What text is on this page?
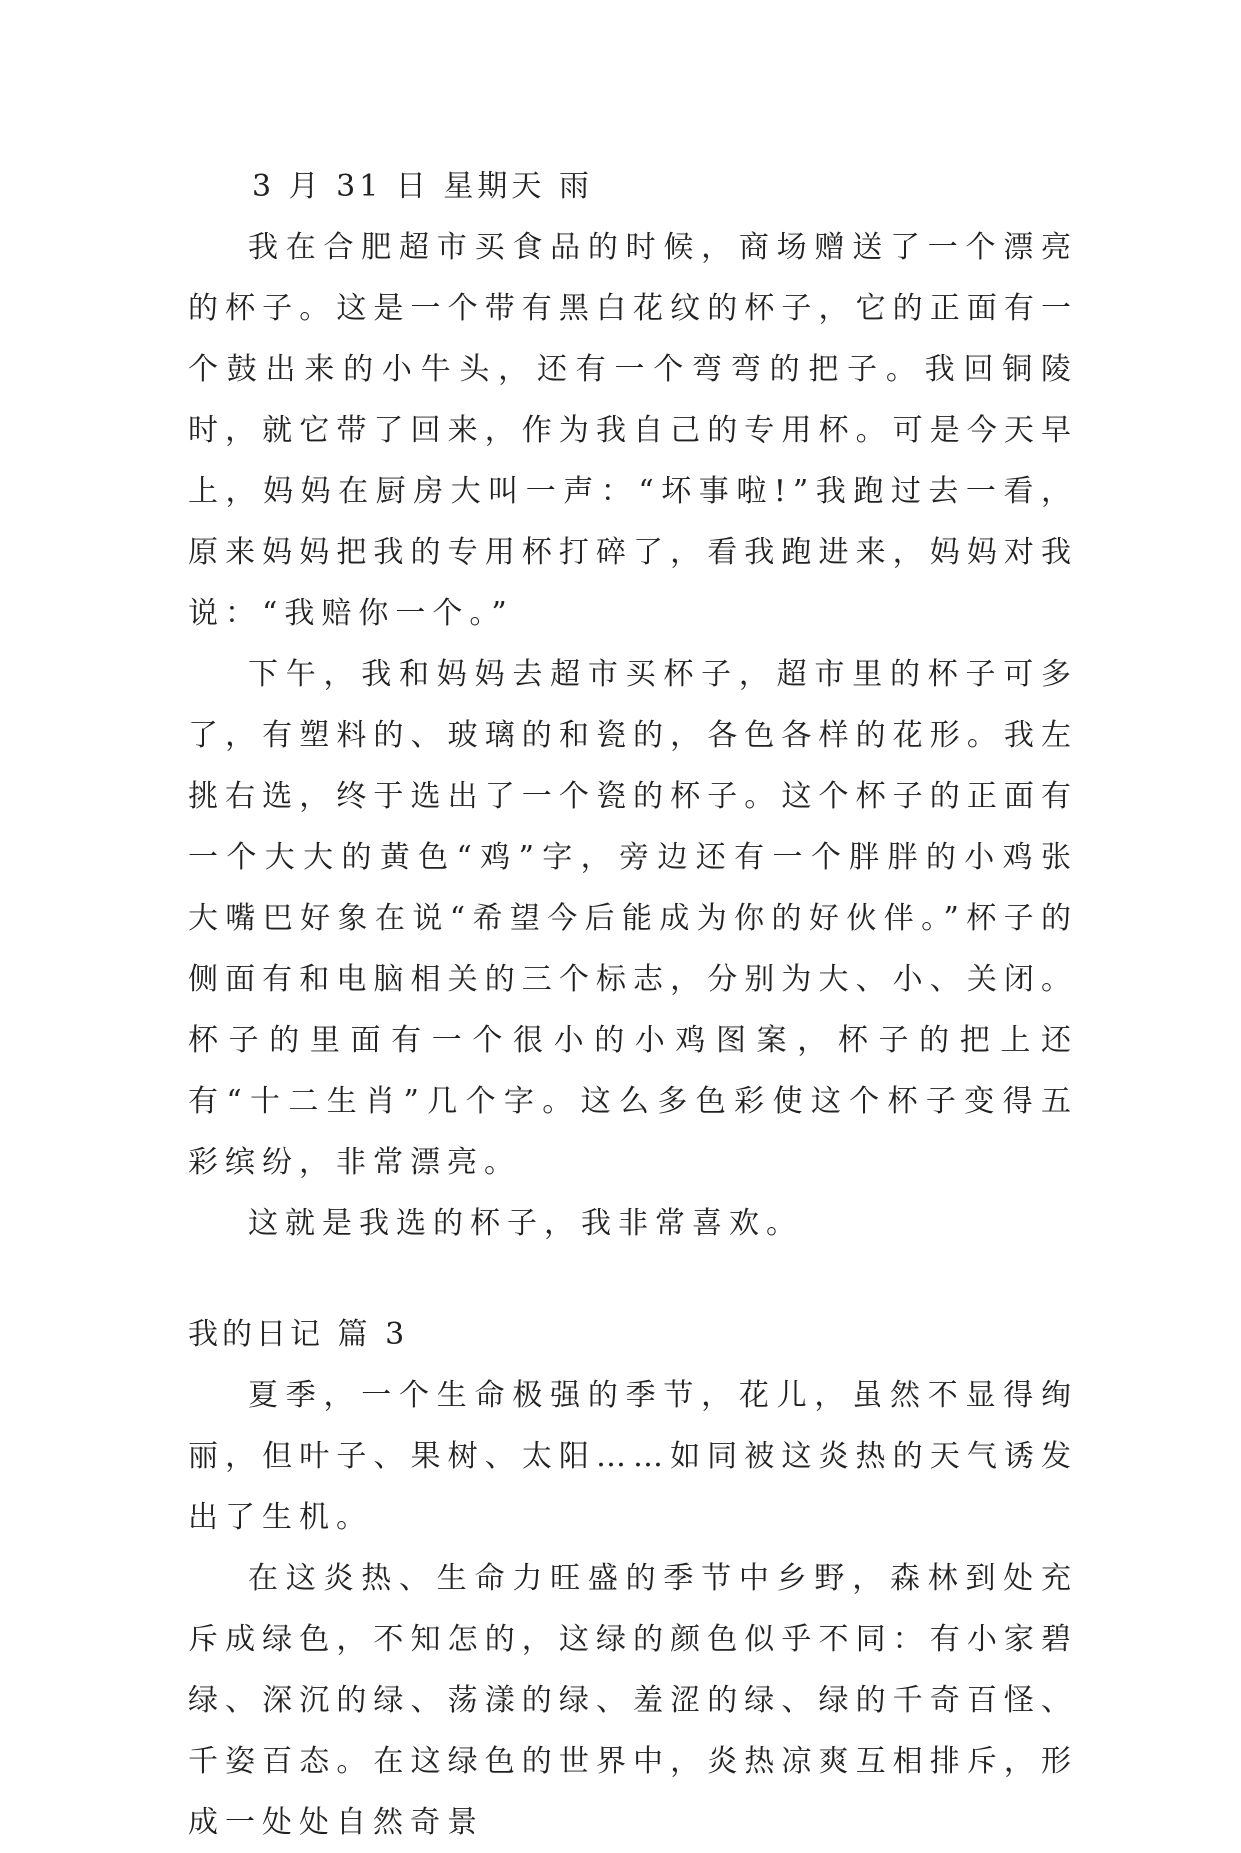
3 月 31 日 星期天 雨

我在合肥超市买食品的时候，商场赠送了一个漂亮的杯子。这是一个带有黑白花纹的杯子，它的正面有一个鼓出来的小牛头，还有一个弯弯的把子。我回铜陵时，就它带了回来，作为我自己的专用杯。可是今天早上，妈妈在厨房大叫一声：“坏事啦!”我跑过去一看，原来妈妈把我的专用杯打碎了，看我跑进来，妈妈对我说：“我赔你一个。”

下午，我和妈妈去超市买杯子，超市里的杯子可多了，有塑料的、玻璃的和瓷的，各色各样的花形。我左挑右选，终于选出了一个瓷的杯子。这个杯子的正面有一个大大的黄色“鸡”字，旁边还有一个胖胖的小鸡张大嘴巴好象在说“希望今后能成为你的好伙伴。”杯子的侧面有和电脑相关的三个标志，分别为大、小、关闭。杯子的里面有一个很小的小鸡图案，杯子的把上还有“十二生肖”几个字。这么多色彩使这个杯子变得五彩缤纷，非常漂亮。

这就是我选的杯子，我非常喜欢。

我的日记 篇 3

夏季，一个生命极强的季节，花儿，虽然不显得绚丽，但叶子、果树、太阳……如同被这炎热的天气诱发出了生机。

在这炎热、生命力旺盛的季节中乡野，森林到处充斥成绿色，不知怎的，这绿的颜色似乎不同：有小家碧绿、深沉的绿、荡漾的绿、羞涩的绿、绿的千奇百怪、千姿百态。在这绿色的世界中，炎热凉爽互相排斥，形成一处处自然奇景
